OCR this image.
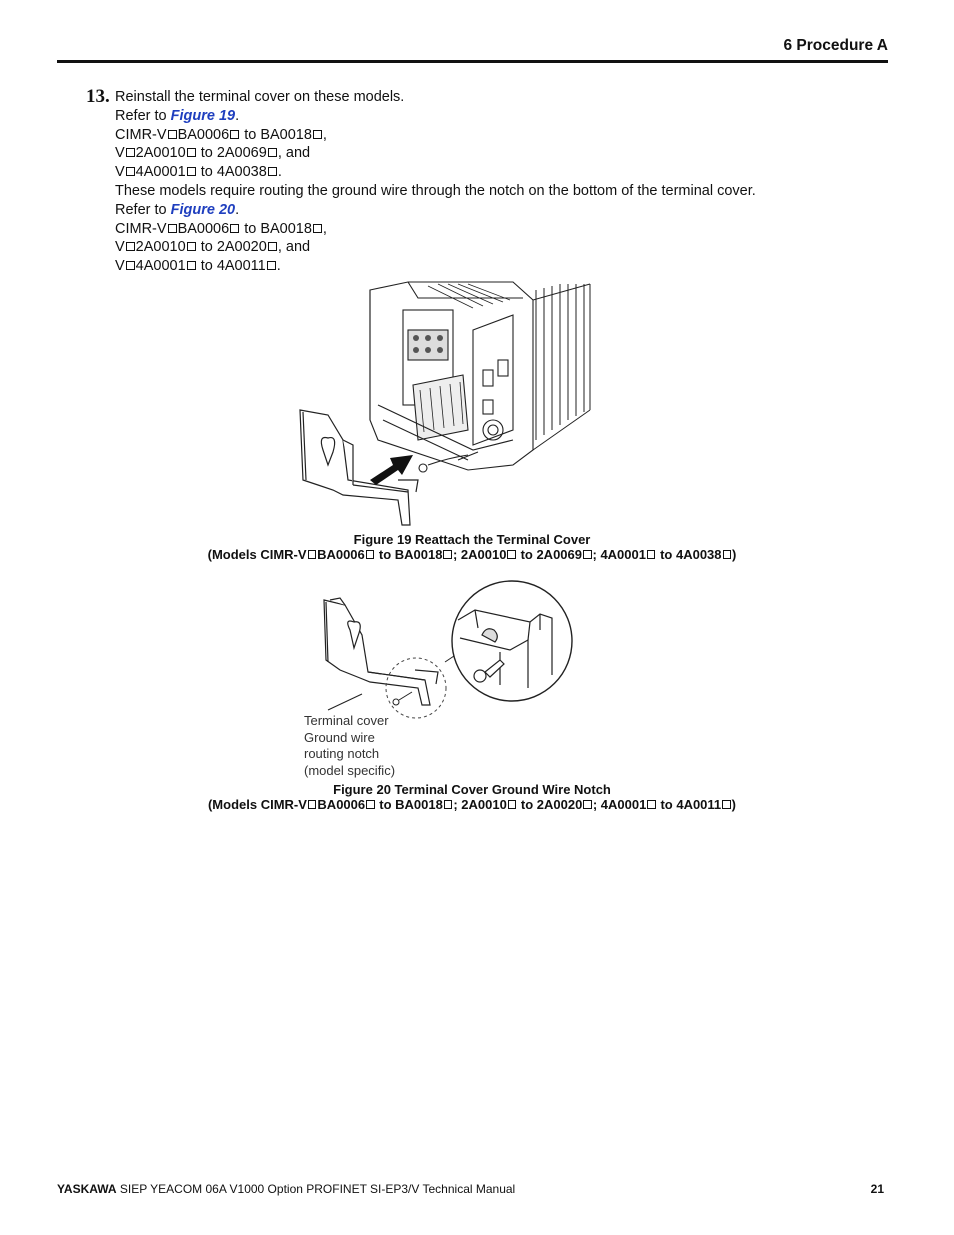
6 Procedure A
13. Reinstall the terminal cover on these models.
Refer to Figure 19.
CIMR-V BA0006 to BA0018 ,
V 2A0010 to 2A0069 , and
V 4A0001 to 4A0038 .
These models require routing the ground wire through the notch on the bottom of the terminal cover.
Refer to Figure 20.
CIMR-V BA0006 to BA0018 ,
V 2A0010 to 2A0020 , and
V 4A0001 to 4A0011 .
Figure 19 Reattach the Terminal Cover
(Models CIMR-V BA0006 to BA0018 ; 2A0010 to 2A0069 ; 4A0001 to 4A0038 )
Terminal cover
Ground wire
routing notch
(model specific)
Figure 20 Terminal Cover Ground Wire Notch
(Models CIMR-V BA0006 to BA0018 ; 2A0010 to 2A0020 ; 4A0001 to 4A0011 )
YASKAWA SIEP YEACOM 06A V1000 Option PROFINET SI-EP3/V Technical Manual	21
